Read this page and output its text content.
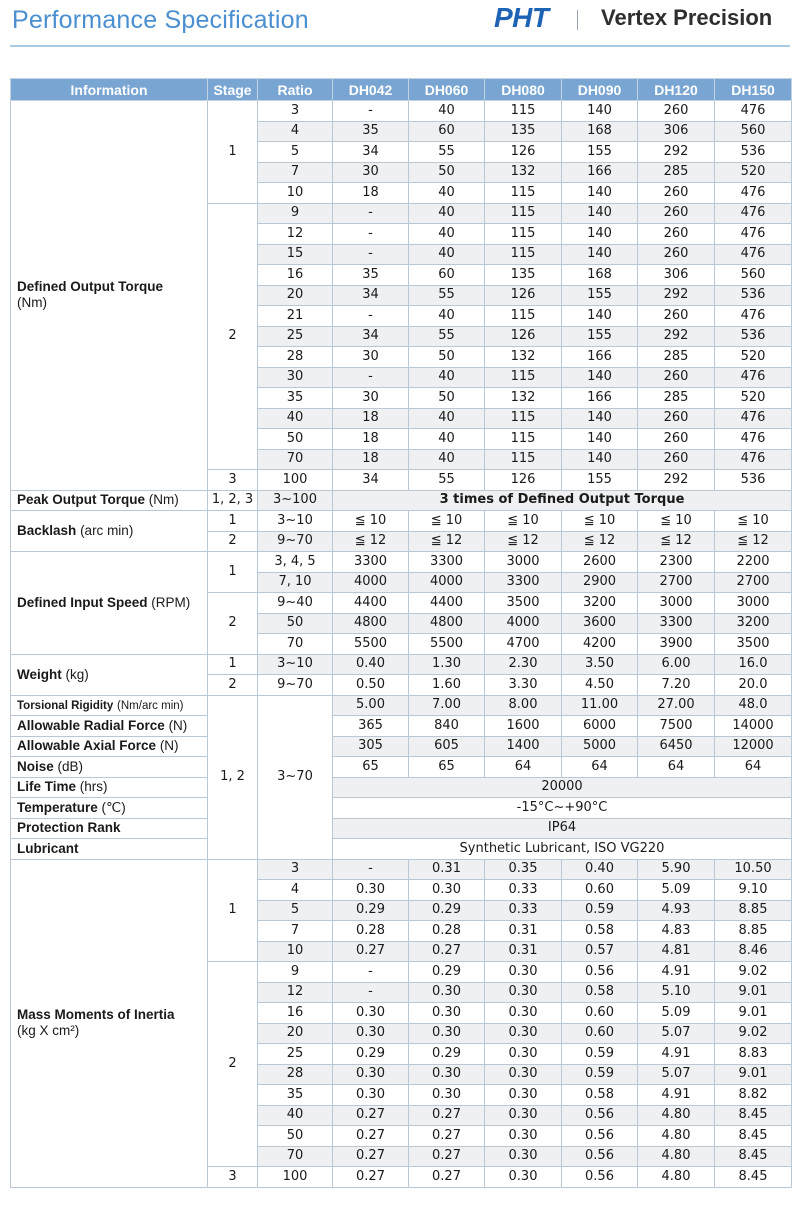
Performance Specification	PHT Vertex Precision
Information	Stage	Ratio	DH042	DH060	DH080	DH090	DH120	DH150
Defined Output Torque
(Nm)	1	3	-	40	115	140	260	476
		4	35	60	135	168	306	560
		5	34	55	126	155	292	536
		7	30	50	132	166	285	520
		10	18	40	115	140	260	476
	2	9	-	40	115	140	260	476
		12	-	40	115	140	260	476
		15	-	40	115	140	260	476
		16	35	60	135	168	306	560
		20	34	55	126	155	292	536
		21	-	40	115	140	260	476
		25	34	55	126	155	292	536
		28	30	50	132	166	285	520
		30	-	40	115	140	260	476
		35	30	50	132	166	285	520
		40	18	40	115	140	260	476
		50	18	40	115	140	260	476
		70	18	40	115	140	260	476
	3	100	34	55	126	155	292	536
Peak Output Torque (Nm)	1, 2, 3	3~100	3 times of Defined Output Torque					
Backlash (arc min)	1	3~10	≦ 10	≦ 10	≦ 10	≦ 10	≦ 10	≦ 10
	2	9~70	≦ 12	≦ 12	≦ 12	≦ 12	≦ 12	≦ 12
Defined Input Speed (RPM)	1	3, 4, 5	3300	3300	3000	2600	2300	2200
		7, 10	4000	4000	3300	2900	2700	2700
	2	9~40	4400	4400	3500	3200	3000	3000
		50	4800	4800	4000	3600	3300	3200
		70	5500	5500	4700	4200	3900	3500
Weight (kg)	1	3~10	0.40	1.30	2.30	3.50	6.00	16.0
	2	9~70	0.50	1.60	3.30	4.50	7.20	20.0
Torsional Rigidity (Nm/arc min)	1, 2	3~70	5.00	7.00	8.00	11.00	27.00	48.0
Allowable Radial Force (N)			365	840	1600	6000	7500	14000
Allowable Axial Force (N)			305	605	1400	5000	6450	12000
Noise (dB)			65	65	64	64	64	64
Life Time (hrs)			20000					
Temperature (℃)			-15°C~+90°C					
Protection Rank			IP64					
Lubricant			Synthetic Lubricant, ISO VG220					
Mass Moments of Inertia
(kg X cm²)	1	3	-	0.31	0.35	0.40	5.90	10.50
		4	0.30	0.30	0.33	0.60	5.09	9.10
		5	0.29	0.29	0.33	0.59	4.93	8.85
		7	0.28	0.28	0.31	0.58	4.83	8.85
		10	0.27	0.27	0.31	0.57	4.81	8.46
	2	9	-	0.29	0.30	0.56	4.91	9.02
		12	-	0.30	0.30	0.58	5.10	9.01
		16	0.30	0.30	0.30	0.60	5.09	9.01
		20	0.30	0.30	0.30	0.60	5.07	9.02
		25	0.29	0.29	0.30	0.59	4.91	8.83
		28	0.30	0.30	0.30	0.59	5.07	9.01
		35	0.30	0.30	0.30	0.58	4.91	8.82
		40	0.27	0.27	0.30	0.56	4.80	8.45
		50	0.27	0.27	0.30	0.56	4.80	8.45
		70	0.27	0.27	0.30	0.56	4.80	8.45
	3	100	0.27	0.27	0.30	0.56	4.80	8.45
